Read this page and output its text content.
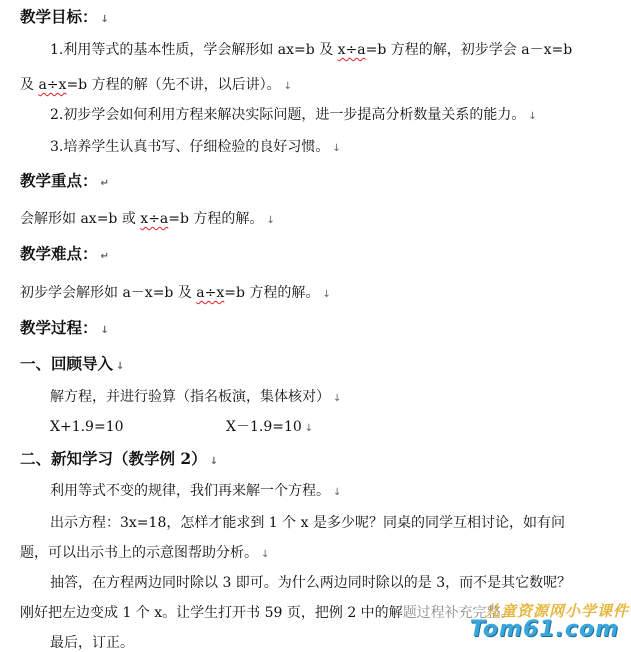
教学目标： ↓
1.利用等式的基本性质，学会解形如 ax=b 及 x÷a=b 方程的解，初步学会 a－x=b
及 a÷x=b 方程的解（先不讲，以后讲）。 ↓
2.初步学会如何利用方程来解决实际问题，进一步提高分析数量关系的能力。 ↓
3.培养学生认真书写、仔细检验的良好习惯。 ↓
教学重点： ↵
会解形如 ax=b 或 x÷a=b 方程的解。 ↓
教学难点： ↵
初步学会解形如 a－x=b 及 a÷x=b 方程的解。 ↓
教学过程： ↓
一、回顾导入 ↓
解方程，并进行验算（指名板演，集体核对） ↓
X+1.9=10	X－1.9=10 ↓
二、新知学习（教学例 2） ↓
利用等式不变的规律，我们再来解一个方程。 ↓
出示方程：3x=18，怎样才能求到 1 个 x 是多少呢？同桌的同学互相讨论，如有问
题，可以出示书上的示意图帮助分析。 ↓
抽答，在方程两边同时除以 3 即可。为什么两边同时除以的是 3，而不是其它数呢？
刚好把左边变成 1 个 x。让学生打开书 59 页，把例 2 中的解题过程补充完整。
最后，订正。
儿童资源网小学课件
Tom61.com
